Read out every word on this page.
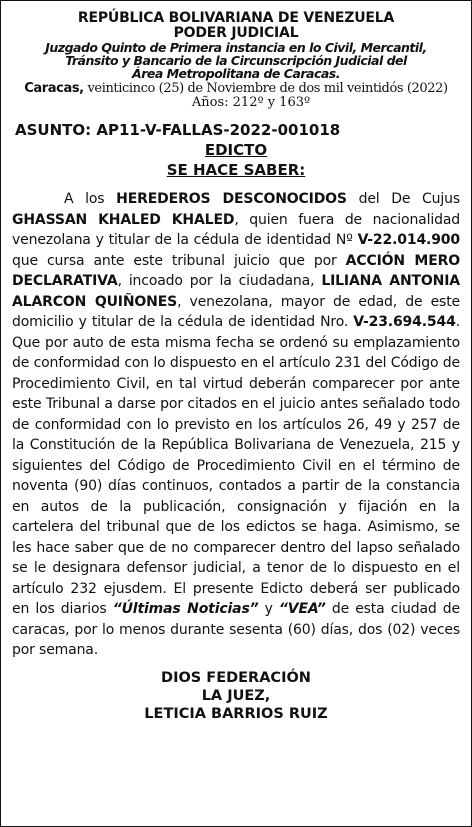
REPÚBLICA BOLIVARIANA DE VENEZUELA

PODER JUDICIAL

Juzgado Quinto de Primera instancia en lo Civil, Mercantil,

Tránsito y Bancario de la Circunscripción Judicial del

Área Metropolitana de Caracas.

Caracas, veinticinco (25) de Noviembre de dos mil veintidós (2022)

Años: 212º y 163º

ASUNTO: AP11-V-FALLAS-2022-001018

EDICTO

SE HACE SABER:

A los HEREDEROS DESCONOCIDOS del De Cujus GHASSAN KHALED KHALED, quien fuera de nacionalidad venezolana y titular de la cédula de identidad Nº V-22.014.900 que cursa ante este tribunal juicio que por ACCIÓN MERO DECLARATIVA, incoado por la ciudadana, LILIANA ANTONIA ALARCON QUIÑONES, venezolana, mayor de edad, de este domicilio y titular de la cédula de identidad Nro. V-23.694.544. Que por auto de esta misma fecha se ordenó su emplazamiento de conformidad con lo dispuesto en el artículo 231 del Código de Procedimiento Civil, en tal virtud deberán comparecer por ante este Tribunal a darse por citados en el juicio antes señalado todo de conformidad con lo previsto en los artículos 26, 49 y 257 de la Constitución de la República Bolivariana de Venezuela, 215 y siguientes del Código de Procedimiento Civil en el término de noventa (90) días continuos, contados a partir de la constancia en autos de la publicación, consignación y fijación en la cartelera del tribunal que de los edictos se haga. Asimismo, se les hace saber que de no comparecer dentro del lapso señalado se le designara defensor judicial, a tenor de lo dispuesto en el artículo 232 ejusdem. El presente Edicto deberá ser publicado en los diarios “Últimas Noticias” y “VEA” de esta ciudad de caracas, por lo menos durante sesenta (60) días, dos (02) veces por semana.

DIOS FEDERACIÓN

LA JUEZ,

LETICIA BARRIOS RUIZ
